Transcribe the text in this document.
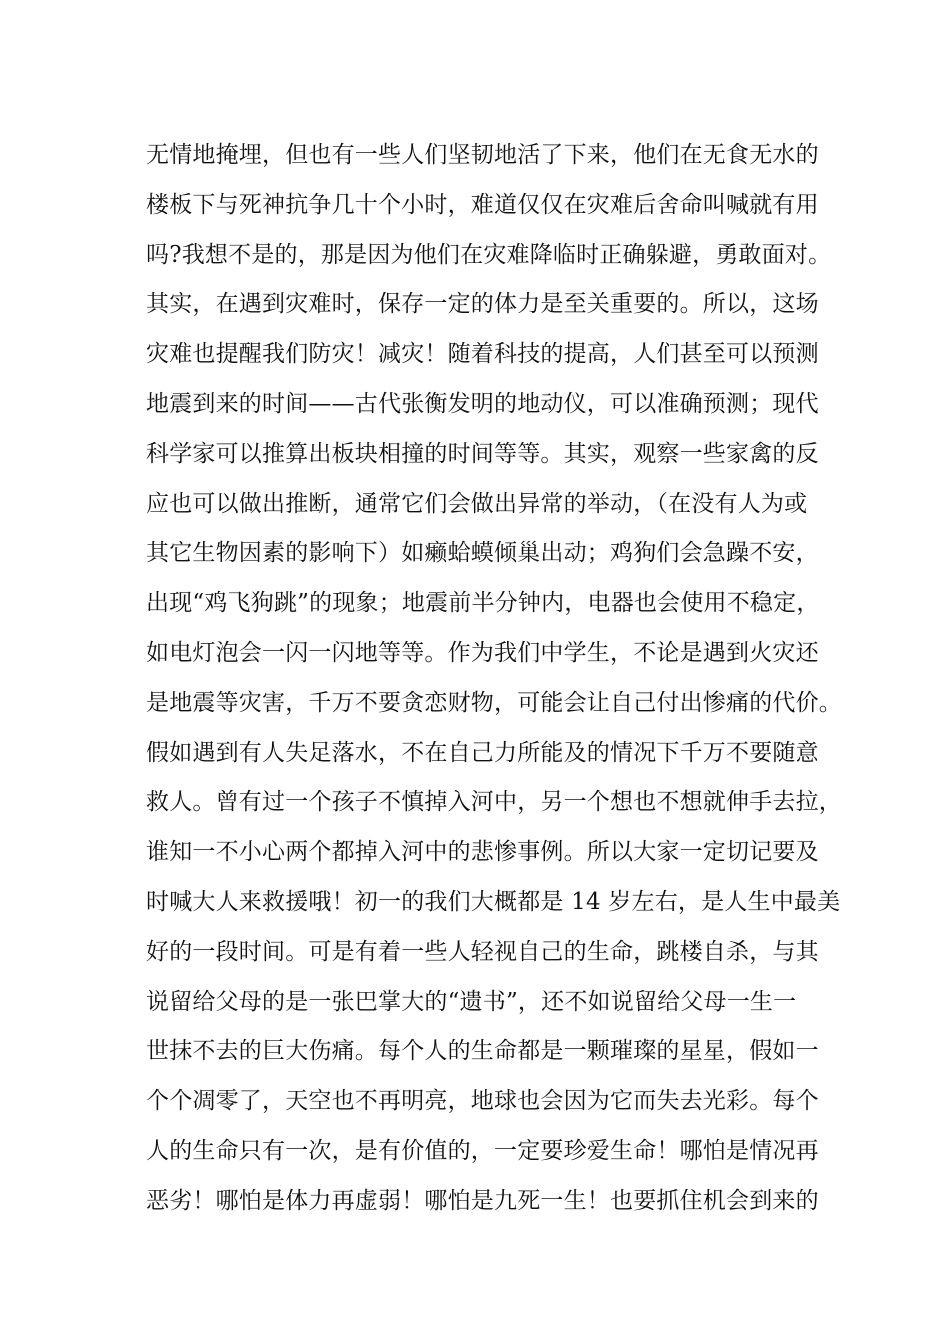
无情地掩埋，但也有一些人们坚韧地活了下来，他们在无食无水的
楼板下与死神抗争几十个小时，难道仅仅在灾难后舍命叫喊就有用
吗?我想不是的，那是因为他们在灾难降临时正确躲避，勇敢面对。
其实，在遇到灾难时，保存一定的体力是至关重要的。所以，这场
灾难也提醒我们防灾！减灾！随着科技的提高，人们甚至可以预测
地震到来的时间——古代张衡发明的地动仪，可以准确预测；现代
科学家可以推算出板块相撞的时间等等。其实，观察一些家禽的反
应也可以做出推断，通常它们会做出异常的举动，（在没有人为或
其它生物因素的影响下）如癞蛤蟆倾巢出动；鸡狗们会急躁不安，
出现“鸡飞狗跳”的现象；地震前半分钟内，电器也会使用不稳定，
如电灯泡会一闪一闪地等等。作为我们中学生，不论是遇到火灾还
是地震等灾害，千万不要贪恋财物，可能会让自己付出惨痛的代价。
假如遇到有人失足落水，不在自己力所能及的情况下千万不要随意
救人。曾有过一个孩子不慎掉入河中，另一个想也不想就伸手去拉，
谁知一不小心两个都掉入河中的悲惨事例。所以大家一定切记要及
时喊大人来救援哦！初一的我们大概都是 14 岁左右，是人生中最美
好的一段时间。可是有着一些人轻视自己的生命，跳楼自杀，与其
说留给父母的是一张巴掌大的“遗书”，还不如说留给父母一生一
世抹不去的巨大伤痛。每个人的生命都是一颗璀璨的星星，假如一
个个凋零了，天空也不再明亮，地球也会因为它而失去光彩。每个
人的生命只有一次，是有价值的，一定要珍爱生命！哪怕是情况再
恶劣！哪怕是体力再虚弱！哪怕是九死一生！也要抓住机会到来的
